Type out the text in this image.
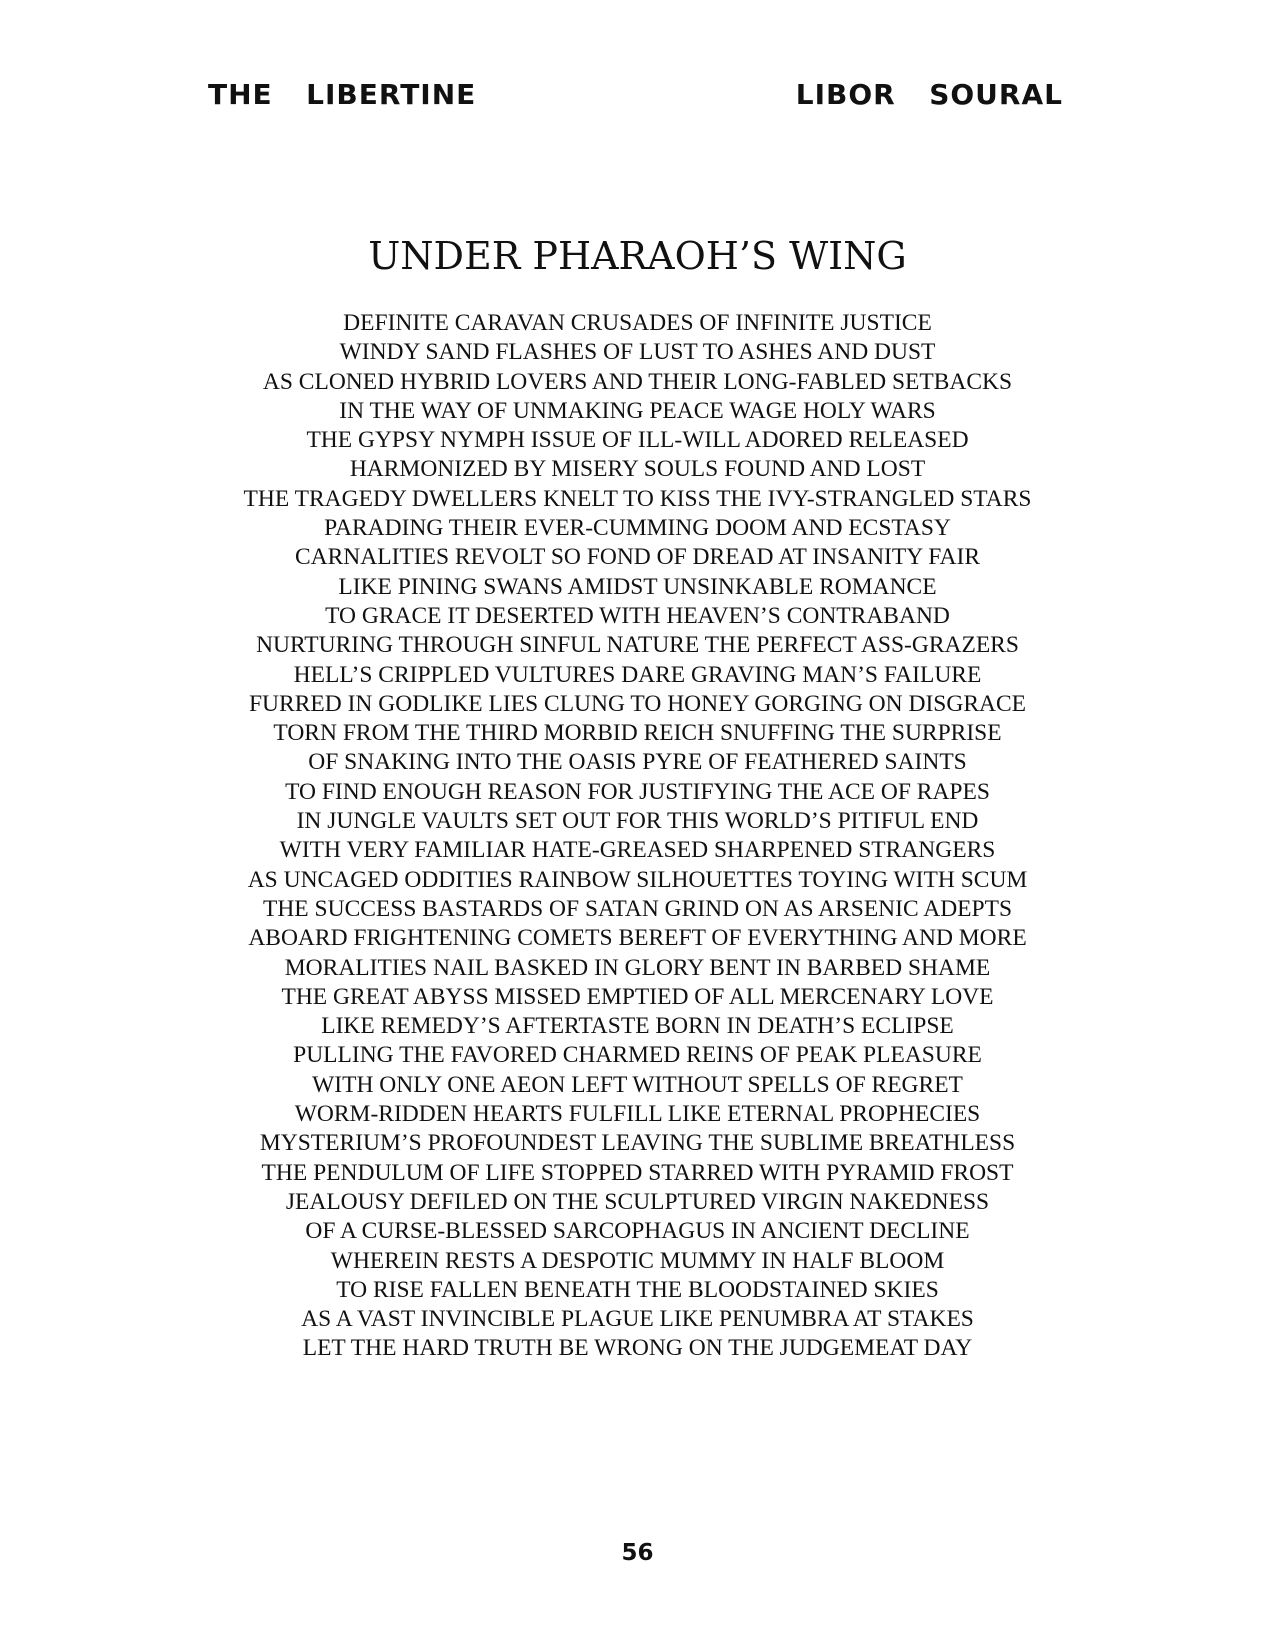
THE  LIBERTINE	LIBOR  SOURAL
UNDER PHARAOH’S WING
DEFINITE CARAVAN CRUSADES OF INFINITE JUSTICE
WINDY SAND FLASHES OF LUST TO ASHES AND DUST
AS CLONED HYBRID LOVERS AND THEIR LONG-FABLED SETBACKS
IN THE WAY OF UNMAKING PEACE WAGE HOLY WARS
THE GYPSY NYMPH ISSUE OF ILL-WILL ADORED RELEASED
HARMONIZED BY MISERY SOULS FOUND AND LOST
THE TRAGEDY DWELLERS KNELT TO KISS THE IVY-STRANGLED STARS
PARADING THEIR EVER-CUMMING DOOM AND ECSTASY
CARNALITIES REVOLT SO FOND OF DREAD AT INSANITY FAIR
LIKE PINING SWANS AMIDST UNSINKABLE ROMANCE
TO GRACE IT DESERTED WITH HEAVEN’S CONTRABAND
NURTURING THROUGH SINFUL NATURE THE PERFECT ASS-GRAZERS
HELL’S CRIPPLED VULTURES DARE GRAVING MAN’S FAILURE
FURRED IN GODLIKE LIES CLUNG TO HONEY GORGING ON DISGRACE
TORN FROM THE THIRD MORBID REICH SNUFFING THE SURPRISE
OF SNAKING INTO THE OASIS PYRE OF FEATHERED SAINTS
TO FIND ENOUGH REASON FOR JUSTIFYING THE ACE OF RAPES
IN JUNGLE VAULTS SET OUT FOR THIS WORLD’S PITIFUL END
WITH VERY FAMILIAR HATE-GREASED SHARPENED STRANGERS
AS UNCAGED ODDITIES RAINBOW SILHOUETTES TOYING WITH SCUM
THE SUCCESS BASTARDS OF SATAN GRIND ON AS ARSENIC ADEPTS
ABOARD FRIGHTENING COMETS BEREFT OF EVERYTHING AND MORE
MORALITIES NAIL BASKED IN GLORY BENT IN BARBED SHAME
THE GREAT ABYSS MISSED EMPTIED OF ALL MERCENARY LOVE
LIKE REMEDY’S AFTERTASTE BORN IN DEATH’S ECLIPSE
PULLING THE FAVORED CHARMED REINS OF PEAK PLEASURE
WITH ONLY ONE AEON LEFT WITHOUT SPELLS OF REGRET
WORM-RIDDEN HEARTS FULFILL LIKE ETERNAL PROPHECIES
MYSTERIUM’S PROFOUNDEST LEAVING THE SUBLIME BREATHLESS
THE PENDULUM OF LIFE STOPPED STARRED WITH PYRAMID FROST
JEALOUSY DEFILED ON THE SCULPTURED VIRGIN NAKEDNESS
OF A CURSE-BLESSED SARCOPHAGUS IN ANCIENT DECLINE
WHEREIN RESTS A DESPOTIC MUMMY IN HALF BLOOM
TO RISE FALLEN BENEATH THE BLOODSTAINED SKIES
AS A VAST INVINCIBLE PLAGUE LIKE PENUMBRA AT STAKES
LET THE HARD TRUTH BE WRONG ON THE JUDGEMEAT DAY
56
